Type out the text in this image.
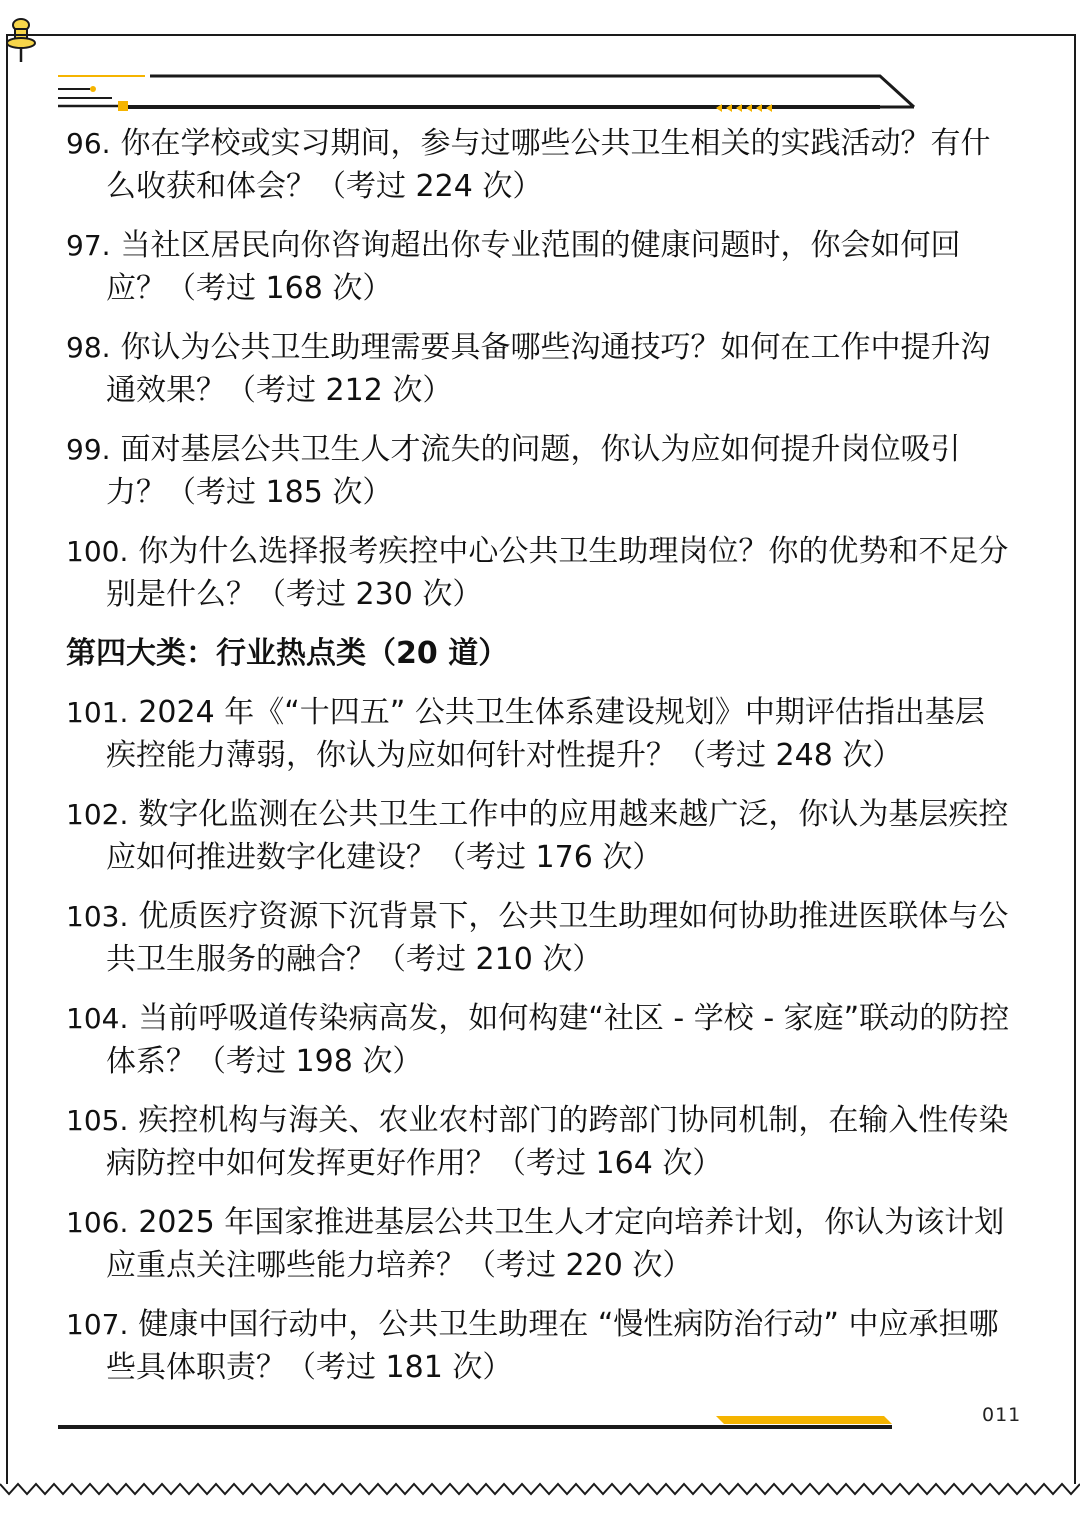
96. 你在学校或实习期间，参与过哪些公共卫生相关的实践活动？有什么收获和体会？（考过 224 次）
97. 当社区居民向你咨询超出你专业范围的健康问题时，你会如何回应？（考过 168 次）
98. 你认为公共卫生助理需要具备哪些沟通技巧？如何在工作中提升沟通效果？（考过 212 次）
99. 面对基层公共卫生人才流失的问题，你认为应如何提升岗位吸引力？（考过 185 次）
100. 你为什么选择报考疾控中心公共卫生助理岗位？你的优势和不足分别是什么？（考过 230 次）
第四大类：行业热点类（20 道）
101. 2024 年《“十四五” 公共卫生体系建设规划》中期评估指出基层疾控能力薄弱，你认为应如何针对性提升？（考过 248 次）
102. 数字化监测在公共卫生工作中的应用越来越广泛，你认为基层疾控应如何推进数字化建设？（考过 176 次）
103. 优质医疗资源下沉背景下，公共卫生助理如何协助推进医联体与公共卫生服务的融合？（考过 210 次）
104. 当前呼吸道传染病高发，如何构建“社区 - 学校 - 家庭”联动的防控体系？（考过 198 次）
105. 疾控机构与海关、农业农村部门的跨部门协同机制，在输入性传染病防控中如何发挥更好作用？（考过 164 次）
106. 2025 年国家推进基层公共卫生人才定向培养计划，你认为该计划应重点关注哪些能力培养？（考过 220 次）
107. 健康中国行动中，公共卫生助理在 “慢性病防治行动” 中应承担哪些具体职责？（考过 181 次）
011
